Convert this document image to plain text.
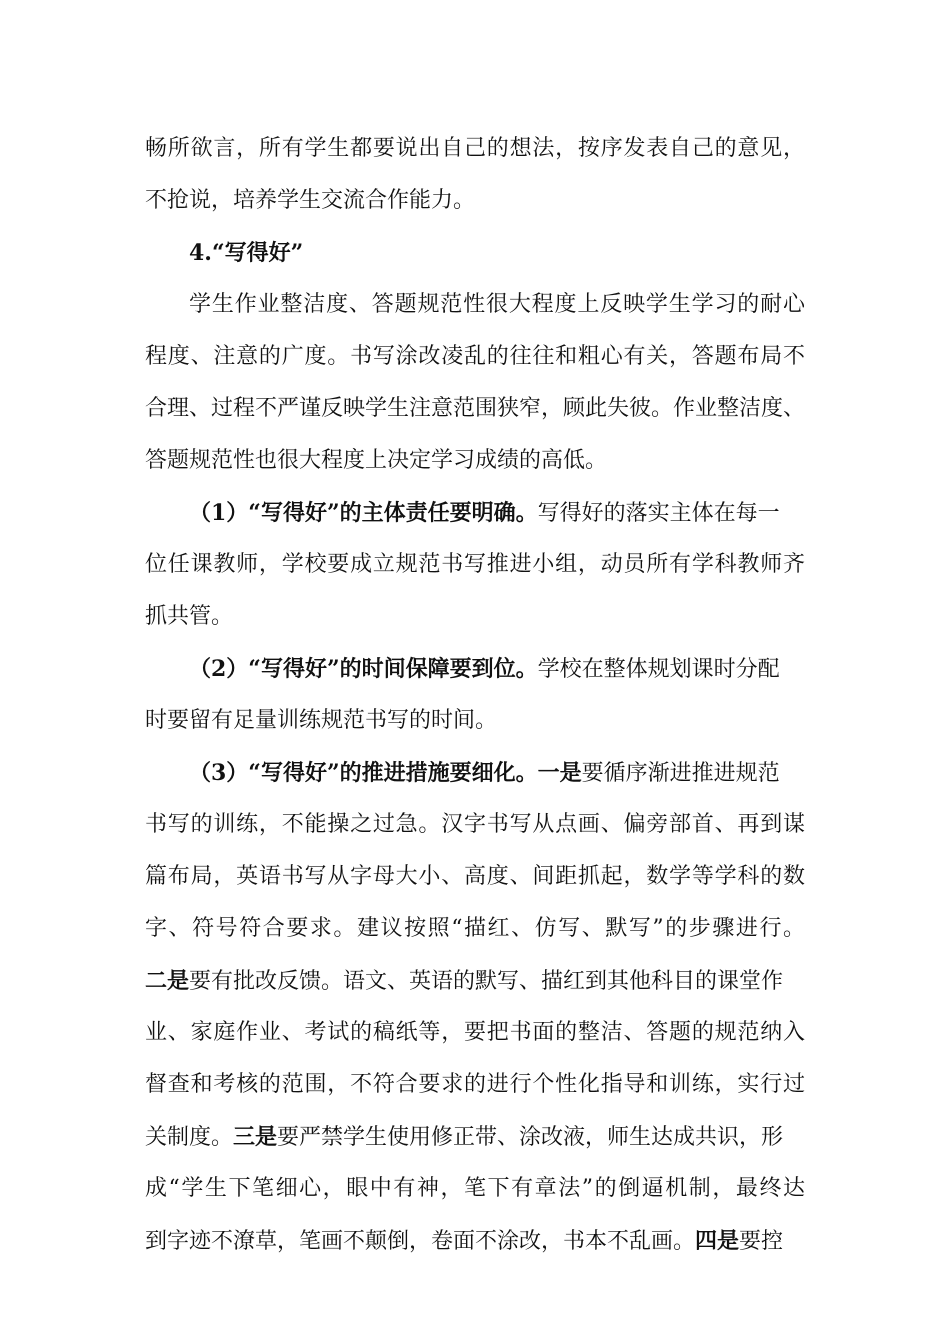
畅所欲言，所有学生都要说出自己的想法，按序发表自己的意见，
不抢说，培养学生交流合作能力。
4.“写得好”
学生作业整洁度、答题规范性很大程度上反映学生学习的耐心
程度、注意的广度。书写涂改凌乱的往往和粗心有关，答题布局不
合理、过程不严谨反映学生注意范围狭窄，顾此失彼。作业整洁度、
答题规范性也很大程度上决定学习成绩的高低。
（1）“写得好”的主体责任要明确。写得好的落实主体在每一
位任课教师，学校要成立规范书写推进小组，动员所有学科教师齐
抓共管。
（2）“写得好”的时间保障要到位。学校在整体规划课时分配
时要留有足量训练规范书写的时间。
（3）“写得好”的推进措施要细化。一是要循序渐进推进规范
书写的训练，不能操之过急。汉字书写从点画、偏旁部首、再到谋
篇布局，英语书写从字母大小、高度、间距抓起，数学等学科的数
字、符号符合要求。建议按照“描红、仿写、默写”的步骤进行。
二是要有批改反馈。语文、英语的默写、描红到其他科目的课堂作
业、家庭作业、考试的稿纸等，要把书面的整洁、答题的规范纳入
督查和考核的范围，不符合要求的进行个性化指导和训练，实行过
关制度。三是要严禁学生使用修正带、涂改液，师生达成共识，形
成“学生下笔细心，眼中有神，笔下有章法”的倒逼机制，最终达
到字迹不潦草，笔画不颠倒，卷面不涂改，书本不乱画。四是要控
